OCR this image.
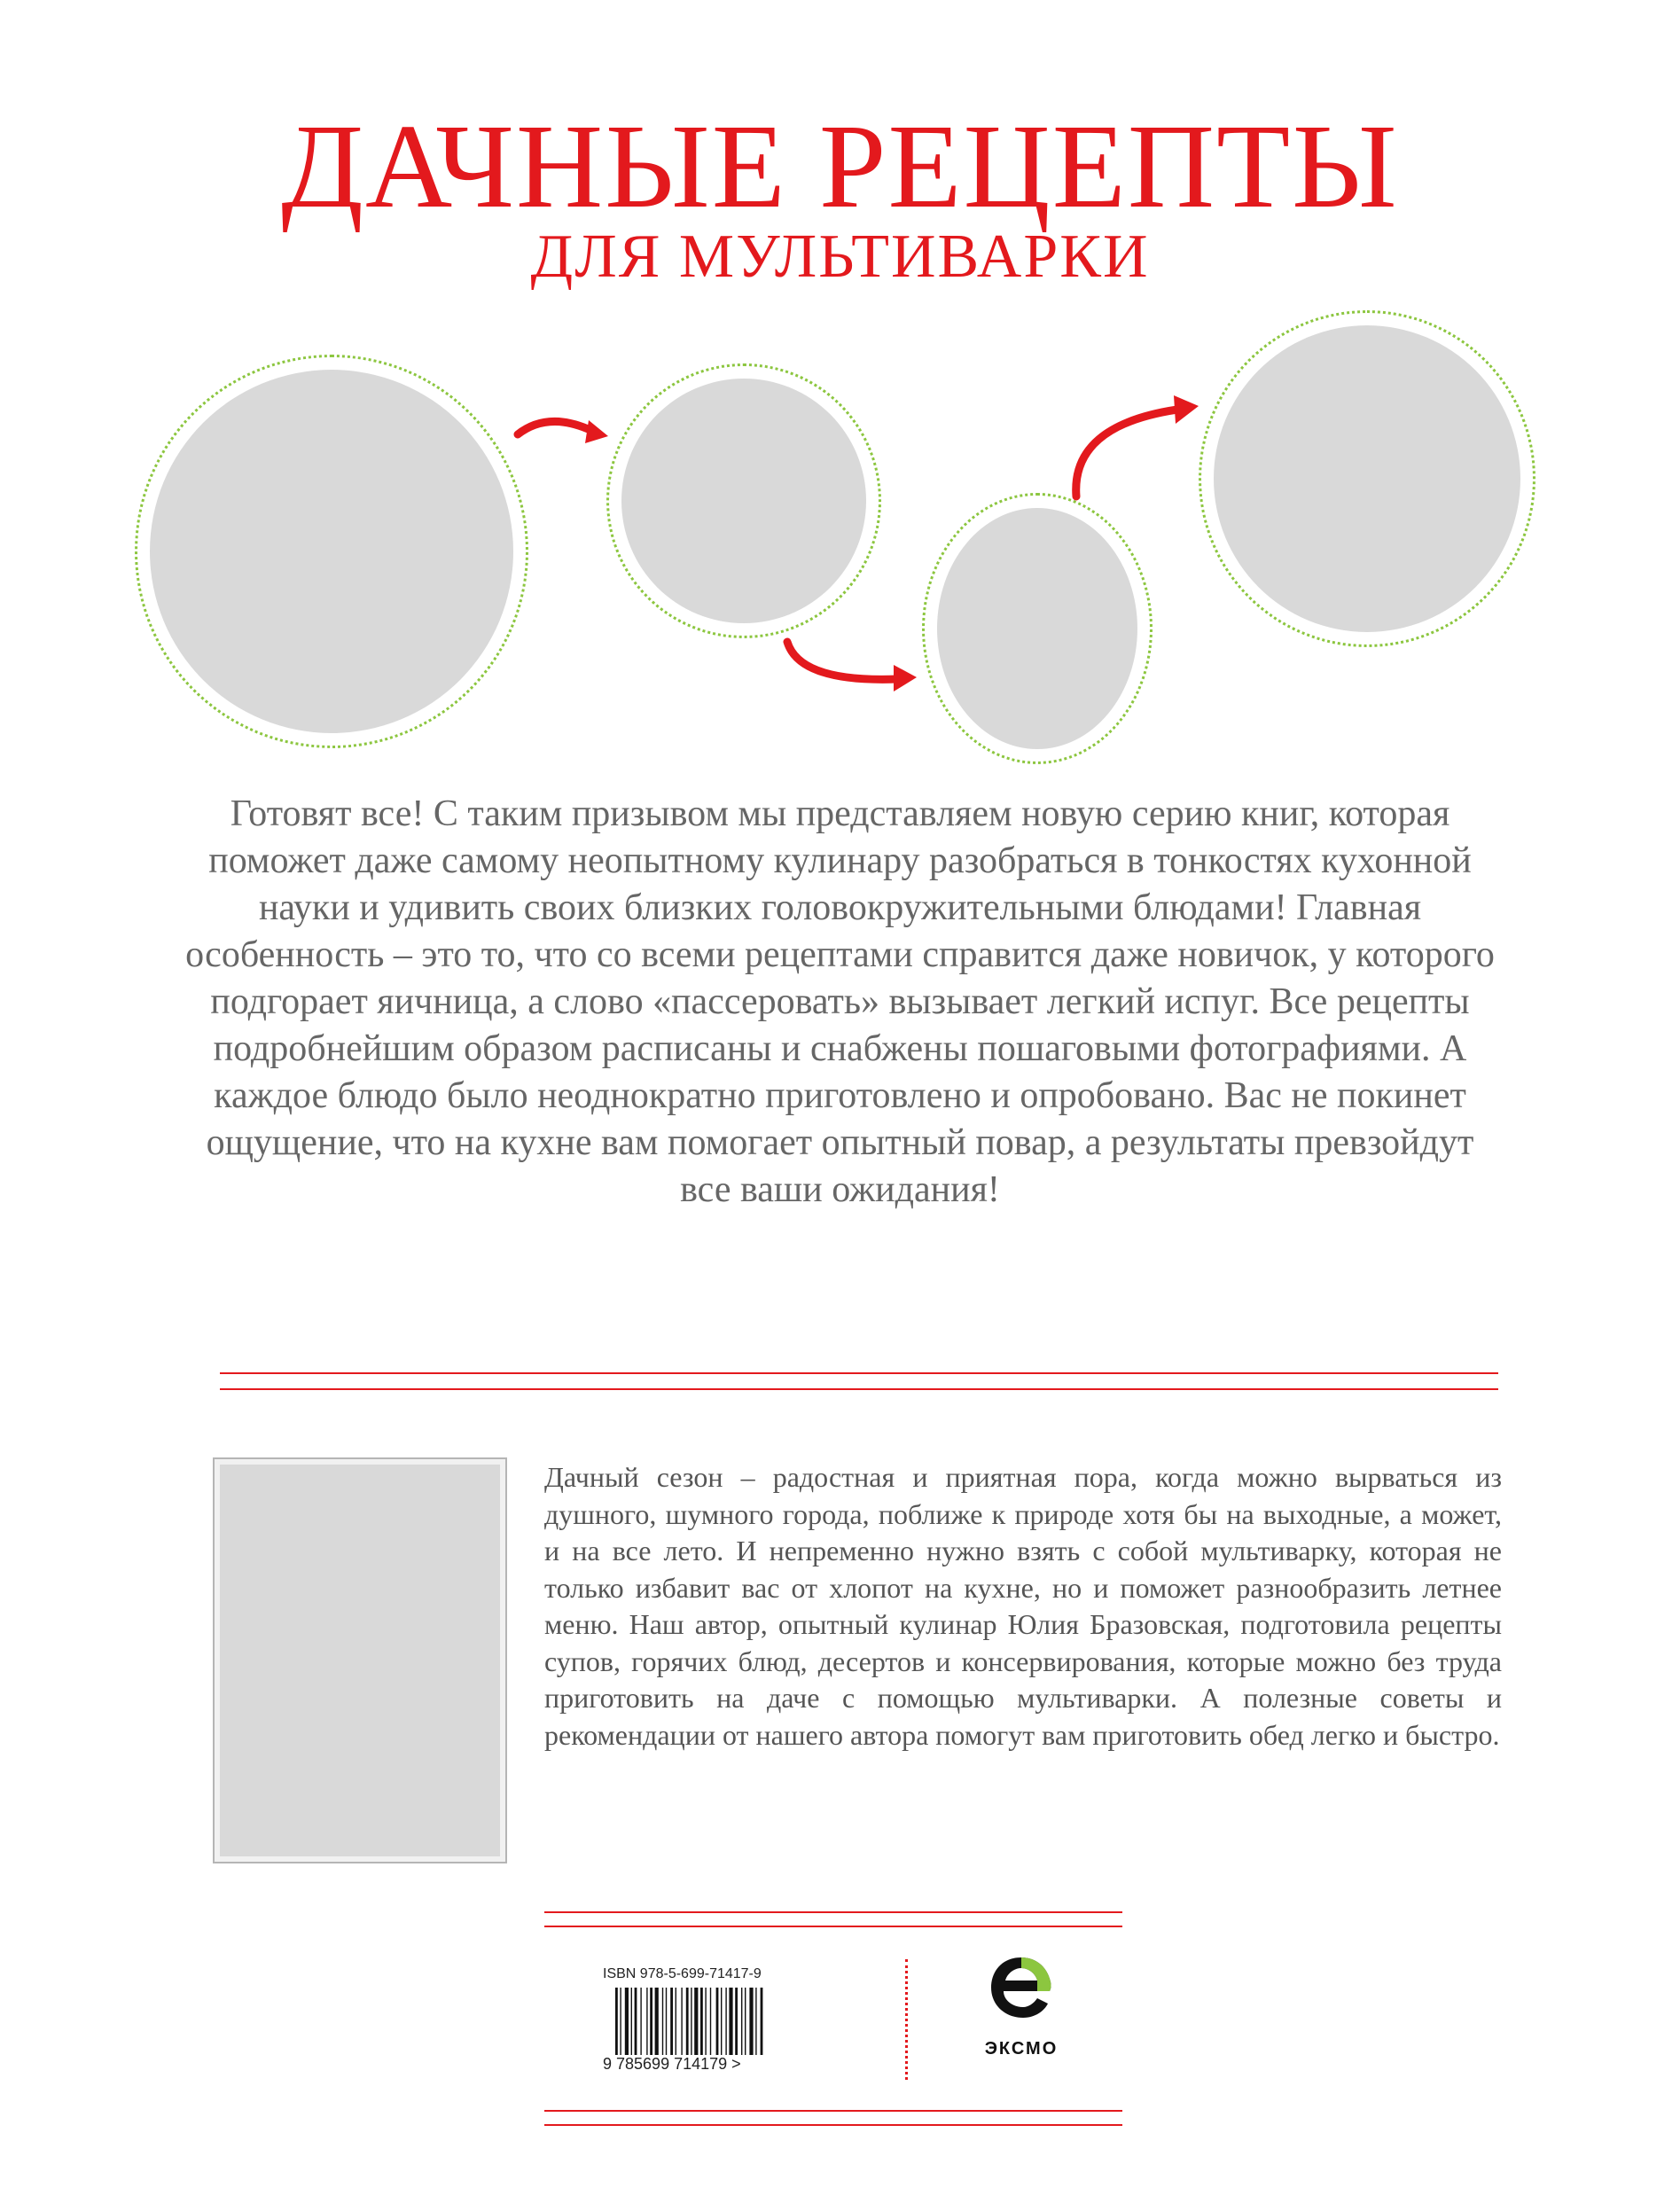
ДАЧНЫЕ РЕЦЕПТЫ
ДЛЯ МУЛЬТИВАРКИ
Готовят все! С таким призывом мы представляем новую серию книг, которая поможет даже самому неопытному кулинару разобраться в тонкостях кухонной науки и удивить своих близких головокружительными блюдами! Главная особенность – это то, что со всеми рецептами справится даже новичок, у которого подгорает яичница, а слово «пассеровать» вызывает легкий испуг. Все рецепты подробнейшим образом расписаны и снабжены пошаговыми фотографиями. А каждое блюдо было неоднократно приготовлено и опробовано. Вас не покинет ощущение, что на кухне вам помогает опытный повар, а результаты превзойдут все ваши ожидания!
Дачный сезон – радостная и приятная пора, когда можно вырваться из душного, шумного города, поближе к природе хотя бы на выходные, а может, и на все лето. И непременно нужно взять с собой мультиварку, которая не только избавит вас от хлопот на кухне, но и поможет разнообразить летнее меню. Наш автор, опытный кулинар Юлия Бразовская, подготовила рецепты супов, горячих блюд, десертов и консервирования, которые можно без труда приготовить на даче с помощью мультиварки. А полезные советы и рекомендации от нашего автора помогут вам приготовить обед легко и быстро.
ISBN 978-5-699-71417-9
9 785699 714179 >
ЭКСМО
